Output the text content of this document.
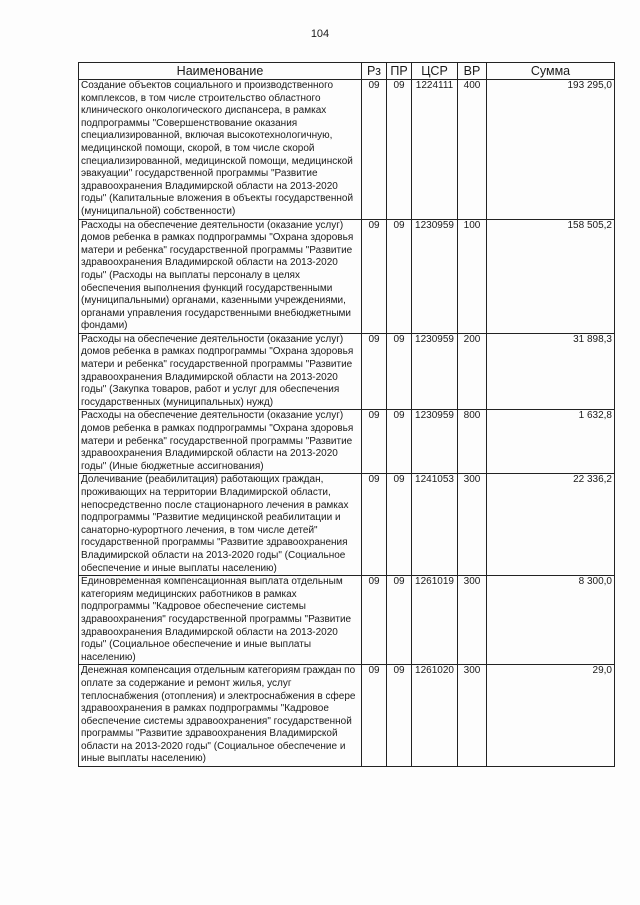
104
Наименование	Рз	ПР	ЦСР	ВР	Сумма
Создание объектов социального и производственного комплексов, в том числе строительство областного клинического онкологического диспансера, в рамках подпрограммы "Совершенствование оказания специализированной, включая высокотехнологичную, медицинской помощи, скорой, в том числе скорой специализированной, медицинской помощи, медицинской эвакуации" государственной программы "Развитие здравоохранения Владимирской области на 2013-2020 годы" (Капитальные вложения в объекты государственной (муниципальной) собственности)	09	09	1224111	400	193 295,0
Расходы на обеспечение деятельности (оказание услуг) домов ребенка в рамках подпрограммы "Охрана здоровья матери и ребенка" государственной программы "Развитие здравоохранения Владимирской области на 2013-2020 годы" (Расходы на выплаты персоналу в целях обеспечения выполнения функций государственными (муниципальными) органами, казенными учреждениями, органами управления государственными внебюджетными фондами)	09	09	1230959	100	158 505,2
Расходы на обеспечение деятельности (оказание услуг) домов ребенка в рамках подпрограммы "Охрана здоровья матери и ребенка" государственной программы "Развитие здравоохранения Владимирской области на 2013-2020 годы" (Закупка товаров, работ и услуг для обеспечения государственных (муниципальных) нужд)	09	09	1230959	200	31 898,3
Расходы на обеспечение деятельности (оказание услуг) домов ребенка в рамках подпрограммы "Охрана здоровья матери и ребенка" государственной программы "Развитие здравоохранения Владимирской области на 2013-2020 годы" (Иные бюджетные ассигнования)	09	09	1230959	800	1 632,8
Долечивание (реабилитация) работающих граждан, проживающих на территории Владимирской области, непосредственно после стационарного лечения в рамках подпрограммы "Развитие медицинской реабилитации и санаторно-курортного лечения, в том числе детей" государственной программы "Развитие здравоохранения Владимирской области на 2013-2020 годы" (Социальное обеспечение и иные выплаты населению)	09	09	1241053	300	22 336,2
Единовременная компенсационная выплата отдельным категориям медицинских работников в рамках подпрограммы "Кадровое обеспечение системы здравоохранения" государственной программы "Развитие здравоохранения Владимирской области на 2013-2020 годы" (Социальное обеспечение и иные выплаты населению)	09	09	1261019	300	8 300,0
Денежная компенсация отдельным категориям граждан по оплате за содержание и ремонт жилья, услуг теплоснабжения (отопления) и электроснабжения в сфере здравоохранения в рамках подпрограммы "Кадровое обеспечение системы здравоохранения" государственной программы "Развитие здравоохранения Владимирской области на 2013-2020 годы" (Социальное обеспечение и иные выплаты населению)	09	09	1261020	300	29,0
